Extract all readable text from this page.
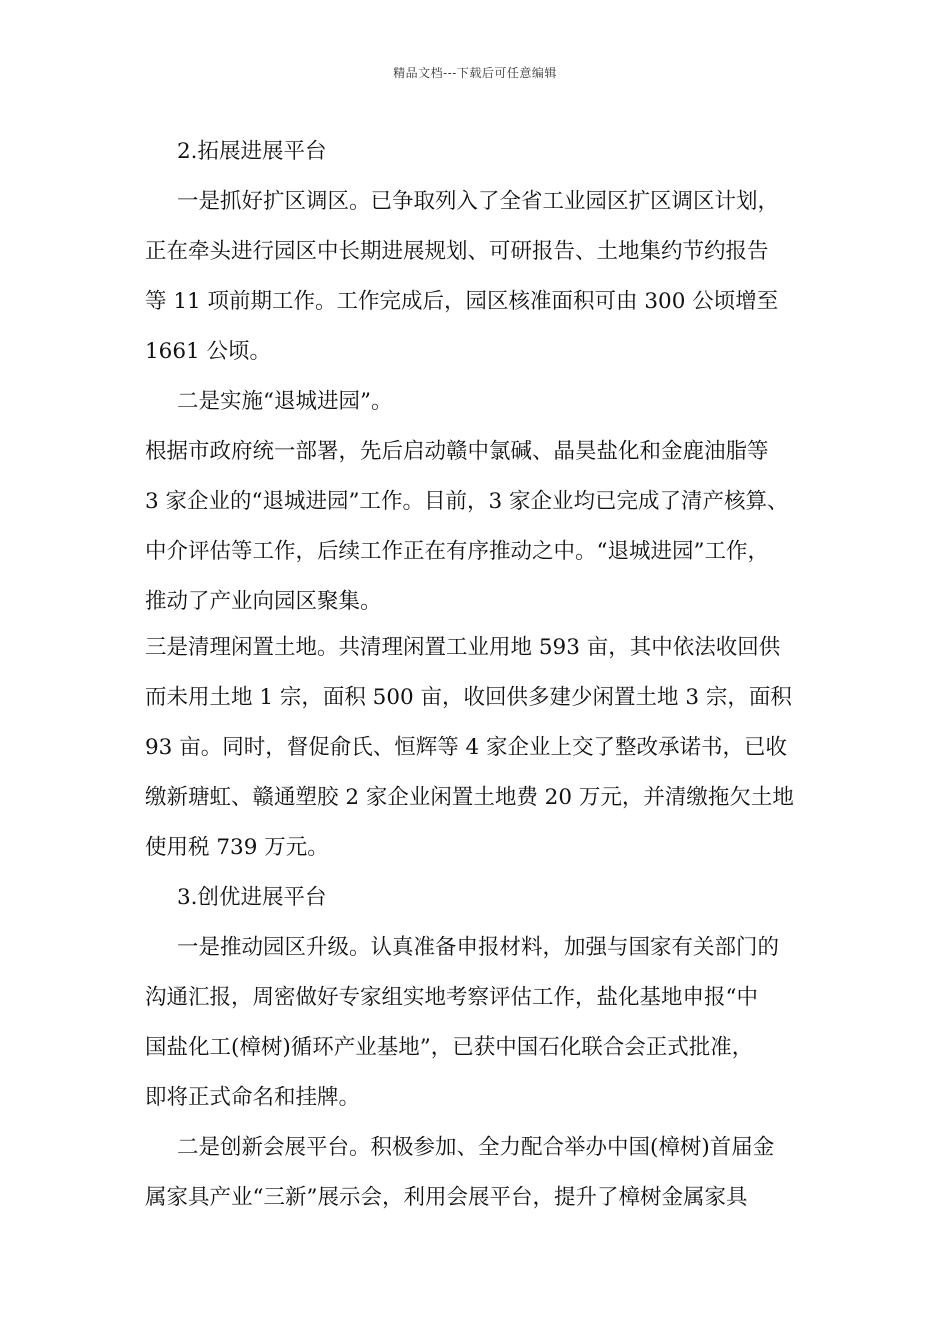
精品文档---下载后可任意编辑
2.拓展进展平台
一是抓好扩区调区。已争取列入了全省工业园区扩区调区计划，
正在牵头进行园区中长期进展规划、可研报告、土地集约节约报告
等 11 项前期工作。工作完成后，园区核准面积可由 300 公顷增至
1661 公顷。
二是实施“退城进园”。
根据市政府统一部署，先后启动赣中氯碱、晶昊盐化和金鹿油脂等
3 家企业的“退城进园”工作。目前，3 家企业均已完成了清产核算、
中介评估等工作，后续工作正在有序推动之中。“退城进园”工作，
推动了产业向园区聚集。
三是清理闲置土地。共清理闲置工业用地 593 亩，其中依法收回供
而未用土地 1 宗，面积 500 亩，收回供多建少闲置土地 3 宗，面积
93 亩。同时，督促俞氏、恒辉等 4 家企业上交了整改承诺书，已收
缴新瑭虹、赣通塑胶 2 家企业闲置土地费 20 万元，并清缴拖欠土地
使用税 739 万元。
3.创优进展平台
一是推动园区升级。认真准备申报材料，加强与国家有关部门的
沟通汇报，周密做好专家组实地考察评估工作，盐化基地申报“中
国盐化工(樟树)循环产业基地”，已获中国石化联合会正式批准，
即将正式命名和挂牌。
二是创新会展平台。积极参加、全力配合举办中国(樟树)首届金
属家具产业“三新”展示会，利用会展平台，提升了樟树金属家具
